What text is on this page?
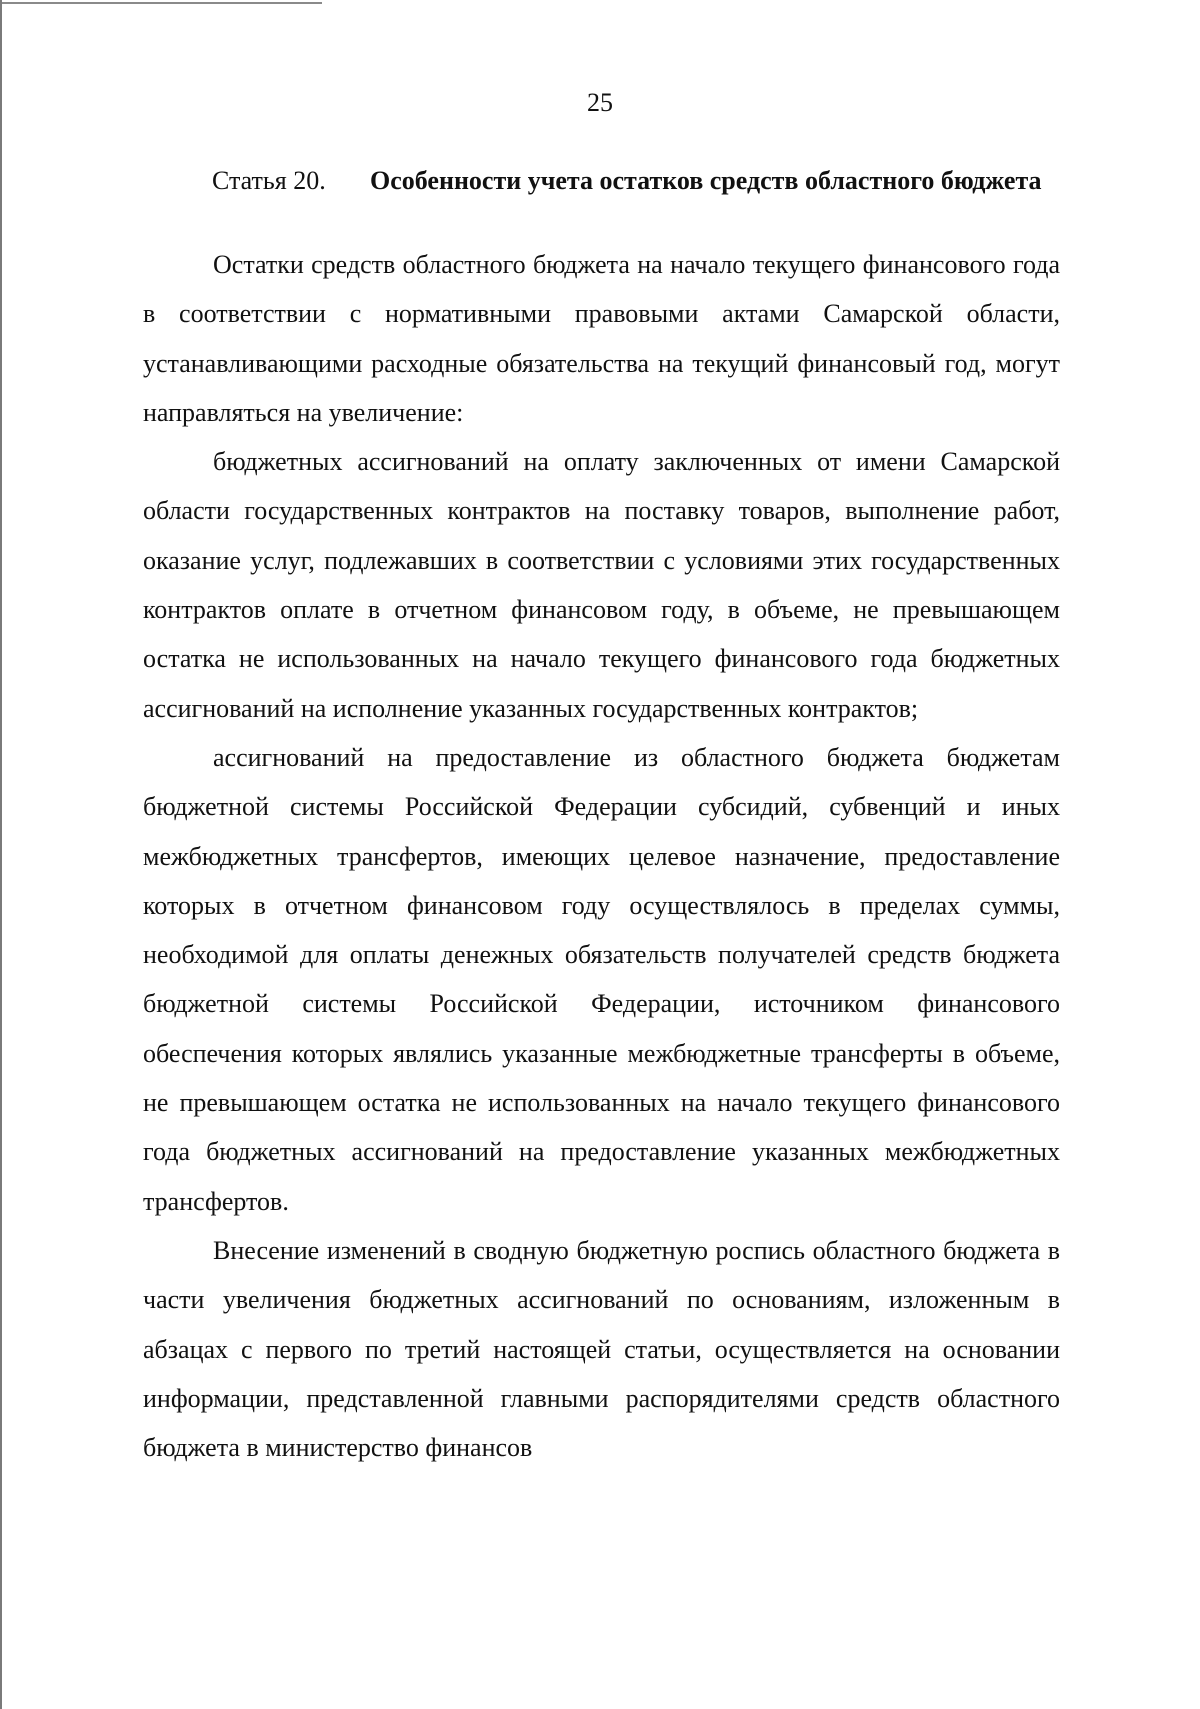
25
Статья 20. Особенности учета остатков средств областного бюджета

Остатки средств областного бюджета на начало текущего финансового года в соответствии с нормативными правовыми актами Самарской области, устанавливающими расходные обязательства на текущий финансовый год, могут направляться на увеличение:

бюджетных ассигнований на оплату заключенных от имени Самарской области государственных контрактов на поставку товаров, выполнение работ, оказание услуг, подлежавших в соответствии с условиями этих государственных контрактов оплате в отчетном финансовом году, в объеме, не превышающем остатка не использованных на начало текущего финансового года бюджетных ассигнований на исполнение указанных государственных контрактов;

ассигнований на предоставление из областного бюджета бюджетам бюджетной системы Российской Федерации субсидий, субвенций и иных межбюджетных трансфертов, имеющих целевое назначение, предоставление которых в отчетном финансовом году осуществлялось в пределах суммы, необходимой для оплаты денежных обязательств получателей средств бюджета бюджетной системы Российской Федерации, источником финансового обеспечения которых являлись указанные межбюджетные трансферты в объеме, не превышающем остатка не использованных на начало текущего финансового года бюджетных ассигнований на предоставление указанных межбюджетных трансфертов.

Внесение изменений в сводную бюджетную роспись областного бюджета в части увеличения бюджетных ассигнований по основаниям, изложенным в абзацах с первого по третий настоящей статьи, осуществляется на основании информации, представленной главными распорядителями средств областного бюджета в министерство финансов
